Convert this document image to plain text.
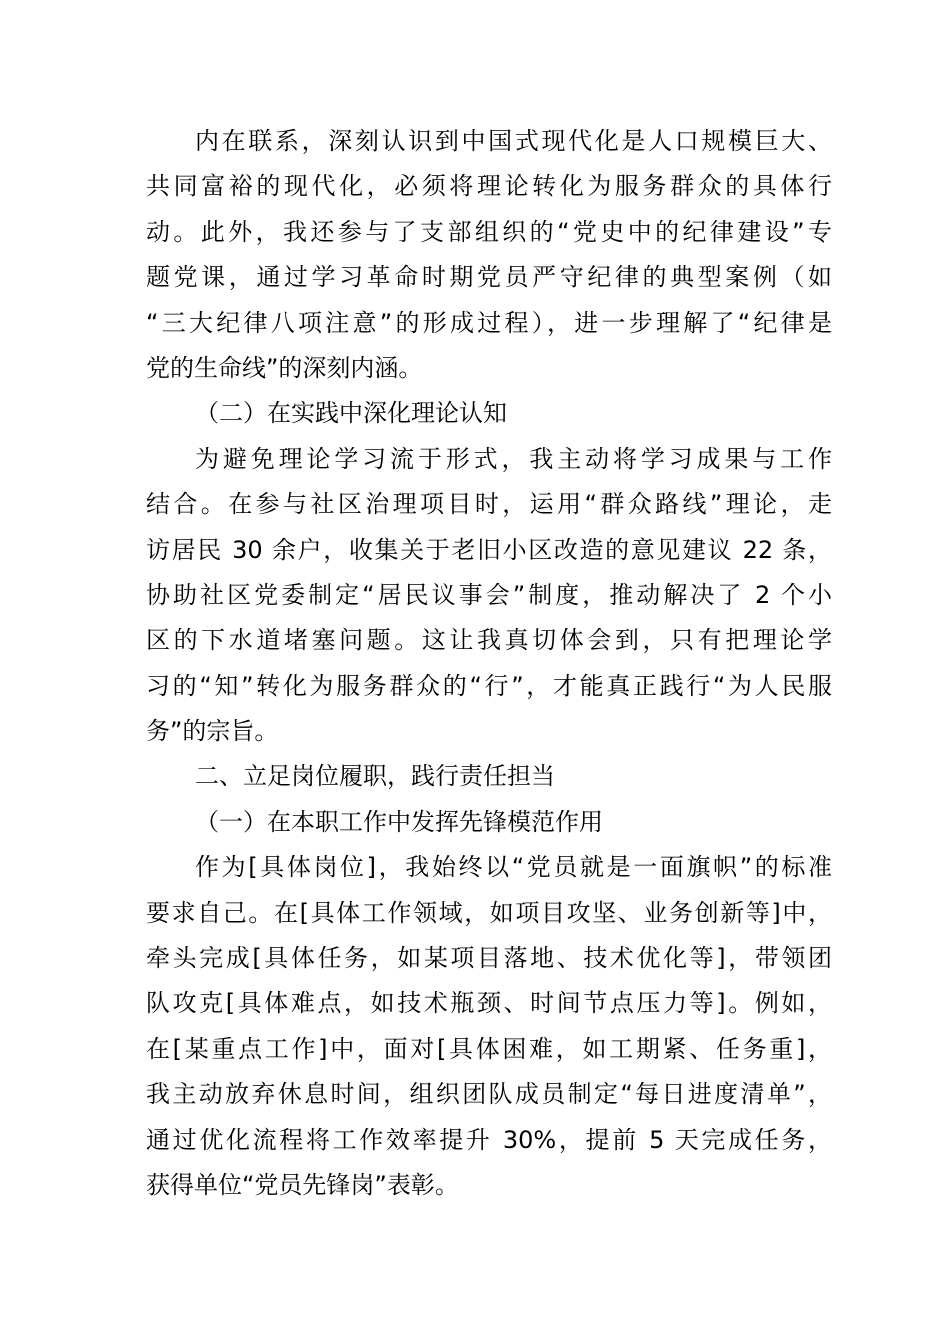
内在联系，深刻认识到中国式现代化是人口规模巨大、
共同富裕的现代化，必须将理论转化为服务群众的具体行
动。此外，我还参与了支部组织的“党史中的纪律建设”专
题党课，通过学习革命时期党员严守纪律的典型案例（如
“三大纪律八项注意”的形成过程），进一步理解了“纪律是
党的生命线”的深刻内涵。
（二）在实践中深化理论认知
为避免理论学习流于形式，我主动将学习成果与工作
结合。在参与社区治理项目时，运用“群众路线”理论，走
访居民 30 余户，收集关于老旧小区改造的意见建议 22 条，
协助社区党委制定“居民议事会”制度，推动解决了 2 个小
区的下水道堵塞问题。这让我真切体会到，只有把理论学
习的“知”转化为服务群众的“行”，才能真正践行“为人民服
务”的宗旨。
二、立足岗位履职，践行责任担当
（一）在本职工作中发挥先锋模范作用
作为[具体岗位]，我始终以“党员就是一面旗帜”的标准
要求自己。在[具体工作领域，如项目攻坚、业务创新等]中，
牵头完成[具体任务，如某项目落地、技术优化等]，带领团
队攻克[具体难点，如技术瓶颈、时间节点压力等]。例如，
在[某重点工作]中，面对[具体困难，如工期紧、任务重]，
我主动放弃休息时间，组织团队成员制定“每日进度清单”，
通过优化流程将工作效率提升 30%，提前 5 天完成任务，
获得单位“党员先锋岗”表彰。
